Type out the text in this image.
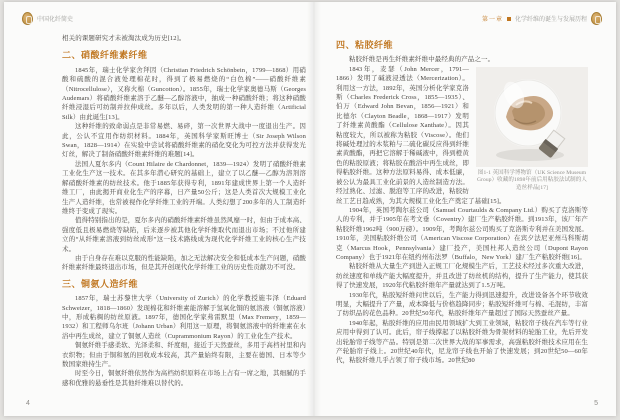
中国化纤简史

相关的课题研究才未被淘汰成为历史[12]。

二、硝酸纤维素纤维

1845年，瑞士化学家舍拜因（Christian Friedrich Schönbein，1799—1868）用硝酸和硫酸的混合液处理棉花时，得到了极易燃烧的“白色棉”——硝酸纤维素（Nitrocellulose），又称火棉（Guncotton）。1855年，瑞士化学家奥德马斯（Georges Audemars）将硝酸纤维素溶于乙醚—乙醇溶液中，抽成一种硝酸纤维；将这种硝酸纤维浸湿后可纺制并拉伸成丝。多年以后，人类发明的第一种人造纤维（Artificial Silk）由此诞生[13]。

这种纤维的致命弱点是非常易燃、易碎，第一次世界大战中一度退出生产。因此，公认不宜用作纺织材料。1884年，英国科学家斯旺博士（Sir Joseph Wilson Swan，1828—1914）在实验中尝试将硝酸纤维素的硝化变化为可控方法并获得发光灯丝，解决了制备硝酸纤维素纤维的难题[14]。

法国人夏尔多内（Count Hilaire de Chardonnet，1839—1924）发明了硝酸纤维素工业化生产这一技术。在其多年潜心研究的基础上，建立了以乙醚—乙醇为溶剂溶解硝酸纤维素的纺丝技术。他于1885年获得专利，1891年建成世界上第一个人造纤维工厂，由此揭开商业化生产的序幕，日产量50公斤；这是人类首次大规模工业化生产人造纤维，也常被视作化学纤维工业的开端。人类幻想了200多年的人工制造纤维终于变成了现实。

值得特别指出的是，夏尔多内的硝酸纤维素纤维虽然风靡一时，但由于成本高、强度低且极易燃烧等缺陷，后来逐步被其他化学纤维取代而退出市场；不过他所建立的“从纤维素溶液到纺丝成形”这一技术路线成为现代化学纤维工业的核心生产技术。

由于自身存在难以克服的性能缺陷，加之无法解决安全和低成本生产问题，硝酸纤维素纤维最终退出市场，但是其开创现代化学纤维工业的历史性贡献功不可没。

三、铜氨人造纤维

1857年，瑞士苏黎世大学（University of Zurich）的化学教授施韦泽（Eduard Schweizer，1818—1860）发现棉花和纤维素能溶解于氢氧化铜的氨溶液（铜氨溶液）中，形成粘稠的纺丝原液。1897年，德国化学家弗雷默里（Max Fremery，1859—1932）和工程师乌尔班（Johann Urban）利用这一原理，将铜氨溶液中的纤维素在水浴中再生成丝，建立了铜氨人造丝（Cuprammonium Rayon）的工业化生产技术。

铜氨纤维手感柔软、光泽柔和、纤度细，接近于天然蚕丝，多用于高档衬里和内衣织物；但由于铜和氨的回收成本较高，其产量始终有限，主要在德国、日本等少数国家维持生产。

时至今日，铜氨纤维依然作为高档纺织原料在市场上占有一席之地，其细腻的手感和优雅的悬垂性是其他纤维难以替代的。

4
第一章 化学纤维的诞生与发展历程
四、粘胶纤维

粘胶纤维是再生纤维素纤维中最经典的产品之一。

图1-1 英国科学博物馆（UK Science Museum Group）收藏的1898年前后用粘胶法试制的人造丝样品[17]

1843年，麦瑟（John Mercer，1791—1866）发明了碱液浸透法（Mercerization）。利用这一方法，1892年，英国分析化学家克洛斯（Charles Frederick Cross，1855—1935）、伯万（Edward John Bevan，1856—1921）和比德尔（Clayton Beadle，1868—1917）发明了纤维素黄酸酯（Cellulose Xanthate）。因其粘度较大，所以被称为粘胶（Viscose）。他们将碱处理过的木浆粕与二硫化碳反应得到纤维素黄酸酯，再把它溶解于稀碱液中，得到橙黄色的粘胶原液；将粘胶在酸浴中再生成丝，即得粘胶纤维。这种方法原料易得、成本低廉，被公认为最具工业化前景的人造丝制造方法。经过熟化、过滤、脱泡等工序的改进，粘胶纺丝工艺日趋成熟，为其大规模工业化生产奠定了基础[15]。

1904年，英国考陶尔兹公司（Samuel Courtaulds & Company Ltd.）购买了克洛斯等人的专利，并于1905年在考文垂（Coventry）建厂生产粘胶纤维。到1913年，该厂年产粘胶纤维1962吨（900万磅）。1909年，考陶尔兹公司购买了克洛斯专利并在美国发展。1910年，美国粘胶纤维公司（American Viscose Corporation）在宾夕法尼亚州马科斯胡克（Marcus Hook，Pennsylvania）建厂投产，美国杜邦人造丝公司（Dupont Rayon Company）也于1921年在纽约州布法罗（Buffalo，New York）建厂生产粘胶纤维[16]。

粘胶纤维从大量生产到进入正规工厂化规模生产后，工艺技术经过多次重大改进，纺丝速度和单线产能大幅度提升，并且改进了纺丝机的结构，提升了生产能力，使其获得了快速发展，1920年代粘胶纤维年产量就达到了1.5万吨。

1930年代，粘胶短纤维问世以后，生产能力得到迅速提升，改进设备各个环节收效明显，大幅提升了产量，成本降低与价格趋降同步；粘胶短纤维可与棉、毛混纺，丰富了纺织品的花色品种。20世纪50年代，粘胶纤维年产量超过了国际天然蚕丝产量。

1940年起，粘胶纤维的应用由民用领域扩大到工业领域，粘胶帘子线在汽车等行业应用中得到了认可。此后，帘子线撑起了以粘胶纤维为骨架材料的轮胎工业，先后开发出轮胎帘子线等产品。特别是第二次世界大战的军事需求，高强粘胶纤维技术应用在生产轮胎帘子线上。20世纪40年代，尼龙帘子线也开始了快速发展；到20世纪50—60年代，粘胶纤维几乎占领了帘子线市场。20世纪80

5
